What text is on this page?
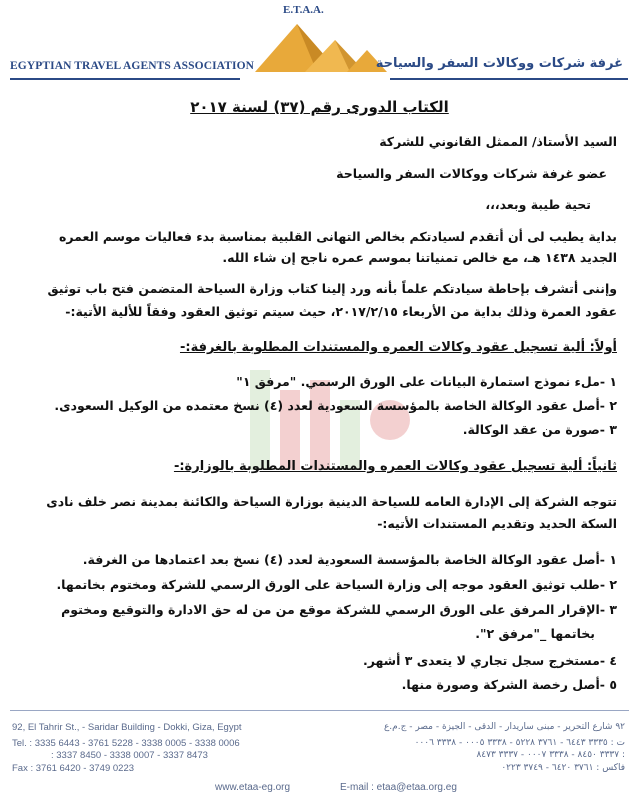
E.T.A.A.
EGYPTIAN TRAVEL AGENTS ASSOCIATION	غرفة شركات ووكالات السفر والسياحة
الكتاب الدورى رقم (٣٧) لسنة ٢٠١٧
السيد الأستاذ/ الممثل القانوني للشركة
عضو غرفة شركات ووكالات السفر والسياحة
تحية طيبة وبعد،،،
بداية يطيب لى أن أتقدم لسيادتكم بخالص التهانى القلبية بمناسبة بدء فعاليات موسم العمره
الجديد ١٤٣٨ هـ، مع خالص تمنياتنا بموسم عمره ناجح إن شاء الله.
وإننى أتشرف بإحاطة سيادتكم علماً بأنه ورد إلينا كتاب وزارة السياحة المتضمن فتح باب توثيق
عقود العمرة وذلك بداية من الأربعاء ٢٠١٧/٢/١٥، حيث سيتم توثيق العقود وفقاً للألية الأتية:-
أولاً: ألية تسجيل عقود وكالات العمره والمستندات المطلوبة بالغرفة:-
١ -ملء نموذج استمارة البيانات على الورق الرسمي. "مرفق ١"
٢ -أصل عقود الوكالة الخاصة بالمؤسسة السعودية لعدد (٤) نسخ معتمده من الوكيل السعودى.
٣ -صورة من عقد الوكالة.
ثانياً: ألية تسجيل عقود وكالات العمره والمستندات المطلوبة بالوزارة:-
تتوجه الشركة إلى الإدارة العامه للسياحة الدينية بوزارة السياحة والكائنة بمدينة نصر خلف نادى
السكة الحديد وتقديم المستندات الأتيه:-
١ -أصل عقود الوكالة الخاصة بالمؤسسة السعودية لعدد (٤) نسخ بعد اعتمادها من الغرفة.
٢ -طلب توثيق العقود موجه إلى وزارة السياحة على الورق الرسمي للشركة ومختوم بخاتمها.
٣ -الإقرار المرفق على الورق الرسمي للشركة موقع من من له حق الادارة والتوقيع ومختوم
بخاتمها _"مرفق ٢".
٤ -مستخرج سجل تجاري لا يتعدى ٣ أشهر.
٥ -أصل رخصة الشركة وصورة منها.
92, El Tahrir St., - Saridar Building - Dokki, Giza, Egypt
Tel. : 3335 6443 - 3761 5228 - 3338 0005 - 3338 0006
: 3337 8450 - 3338 0007 - 3337 8473
Fax : 3761 6420 - 3749 0223
٩٢ شارع التحرير - مبنى ساريدار - الدقى - الجيزة - مصر - ج.م.ع
ت : ٣٣٣٥ ٦٤٤٣ - ٣٧٦١ ٥٢٢٨ - ٣٣٣٨ ٠٠٠٥ - ٣٣٣٨ ٠٠٠٦
: ٣٣٣٧ ٨٤٥٠ - ٣٣٣٨ ٠٠٠٧ - ٣٣٣٧ ٨٤٧٣
فاكس : ٣٧٦١ ٦٤٢٠ - ٣٧٤٩ ٠٢٢٣
www.etaa-eg.org	E-mail : etaa@etaa.org.eg
